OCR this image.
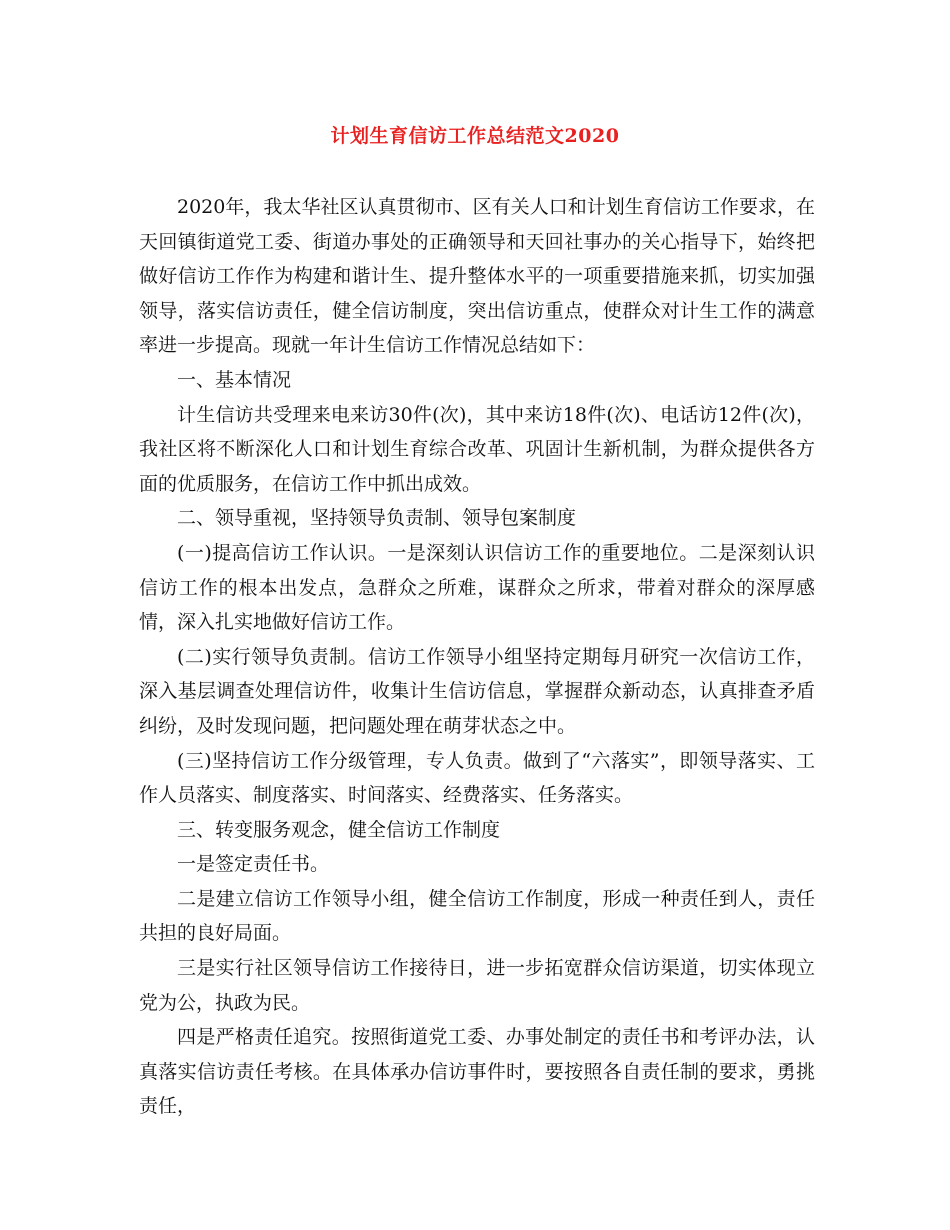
计划生育信访工作总结范文2020

2020年，我太华社区认真贯彻市、区有关人口和计划生育信访工作要求，在天回镇街道党工委、街道办事处的正确领导和天回社事办的关心指导下，始终把做好信访工作作为构建和谐计生、提升整体水平的一项重要措施来抓，切实加强领导，落实信访责任，健全信访制度，突出信访重点，使群众对计生工作的满意率进一步提高。现就一年计生信访工作情况总结如下：

一、基本情况

计生信访共受理来电来访30件(次)，其中来访18件(次)、电话访12件(次)，我社区将不断深化人口和计划生育综合改革、巩固计生新机制，为群众提供各方面的优质服务，在信访工作中抓出成效。

二、领导重视，坚持领导负责制、领导包案制度

(一)提高信访工作认识。一是深刻认识信访工作的重要地位。二是深刻认识信访工作的根本出发点，急群众之所难，谋群众之所求，带着对群众的深厚感情，深入扎实地做好信访工作。

(二)实行领导负责制。信访工作领导小组坚持定期每月研究一次信访工作，深入基层调查处理信访件，收集计生信访信息，掌握群众新动态，认真排查矛盾纠纷，及时发现问题，把问题处理在萌芽状态之中。

(三)坚持信访工作分级管理，专人负责。做到了“六落实”，即领导落实、工作人员落实、制度落实、时间落实、经费落实、任务落实。

三、转变服务观念，健全信访工作制度

一是签定责任书。

二是建立信访工作领导小组，健全信访工作制度，形成一种责任到人，责任共担的良好局面。

三是实行社区领导信访工作接待日，进一步拓宽群众信访渠道，切实体现立党为公，执政为民。

四是严格责任追究。按照街道党工委、办事处制定的责任书和考评办法，认真落实信访责任考核。在具体承办信访事件时，要按照各自责任制的要求，勇挑责任，
